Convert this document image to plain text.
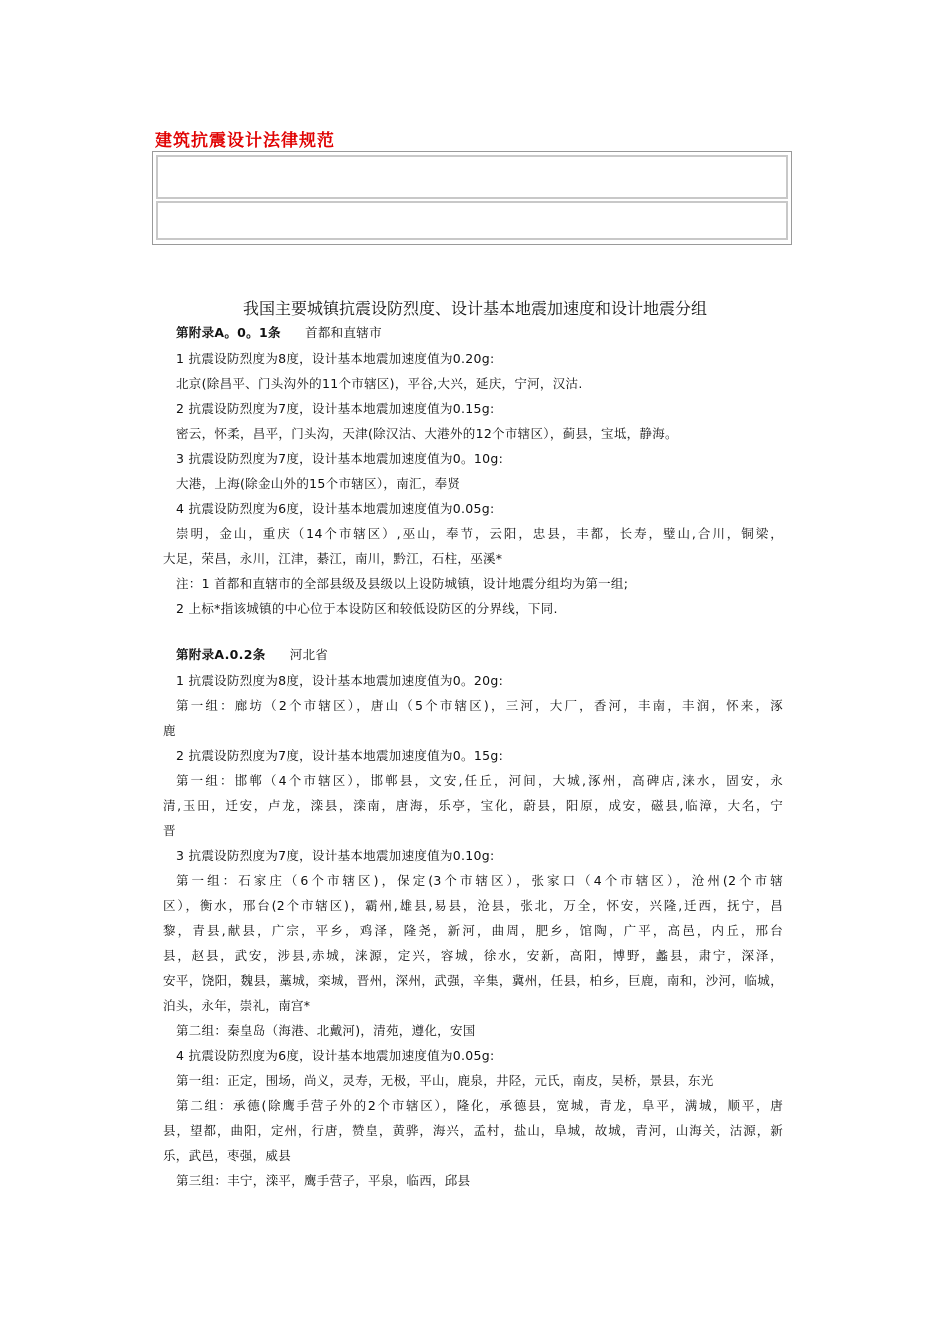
建筑抗震设计法律规范
我国主要城镇抗震设防烈度、设计基本地震加速度和设计地震分组
第附录A。0。1条 首都和直辖市
1 抗震设防烈度为8度，设计基本地震加速度值为0.20g:
北京(除昌平、门头沟外的11个市辖区)，平谷,大兴，延庆，宁河，汉沽.
2 抗震设防烈度为7度，设计基本地震加速度值为0.15g:
密云，怀柔，昌平，门头沟，天津(除汉沽、大港外的12个市辖区），蓟县，宝坻，静海。
3 抗震设防烈度为7度，设计基本地震加速度值为0。10g:
大港，上海(除金山外的15个市辖区），南汇，奉贤
4 抗震设防烈度为6度，设计基本地震加速度值为0.05g:
崇明，金山，重庆（14个市辖区）,巫山，奉节，云阳，忠县，丰都，长寿，璧山,合川，铜梁，
大足，荣昌，永川，江津，綦江，南川，黔江，石柱，巫溪*
注：1 首都和直辖市的全部县级及县级以上设防城镇，设计地震分组均为第一组;
2 上标*指该城镇的中心位于本设防区和较低设防区的分界线，下同.
第附录A.0.2条 河北省
1 抗震设防烈度为8度，设计基本地震加速度值为0。20g:
第一组：廊坊（2个市辖区），唐山（5个市辖区)，三河，大厂，香河，丰南，丰润，怀来，涿
鹿
2 抗震设防烈度为7度，设计基本地震加速度值为0。15g:
第一组：邯郸（4个市辖区），邯郸县，文安,任丘，河间，大城,涿州，高碑店,涞水，固安，永
清,玉田，迁安，卢龙，滦县，滦南，唐海，乐亭，宝化，蔚县，阳原，成安，磁县,临漳，大名，宁
晋
3 抗震设防烈度为7度，设计基本地震加速度值为0.10g:
第一组：石家庄（6个市辖区)，保定(3个市辖区），张家口（4个市辖区），沧州(2个市辖
区），衡水，邢台(2个市辖区)，霸州,雄县,易县，沧县，张北，万全，怀安，兴隆,迁西，抚宁，昌
黎，青县,献县，广宗，平乡，鸡泽，隆尧，新河，曲周，肥乡，馆陶，广平，高邑，内丘，邢台
县，赵县，武安，涉县,赤城，涞源，定兴，容城，徐水，安新，高阳，博野，蠡县，肃宁，深泽，
安平，饶阳，魏县，藁城，栾城，晋州，深州，武强，辛集，冀州，任县，柏乡，巨鹿，南和，沙河，临城，
泊头，永年，崇礼，南宫*
第二组：秦皇岛（海港、北戴河)，清苑，遵化，安国
4 抗震设防烈度为6度，设计基本地震加速度值为0.05g:
第一组：正定，围场，尚义，灵寿，无极，平山，鹿泉，井陉，元氏，南皮，吴桥，景县，东光
第二组：承德(除鹰手营子外的2个市辖区），隆化，承德县，宽城，青龙，阜平，满城，顺平，唐
县，望都，曲阳，定州，行唐，赞皇，黄骅，海兴，孟村，盐山，阜城，故城，青河，山海关，沽源，新
乐，武邑，枣强，威县
第三组：丰宁，滦平，鹰手营子，平泉，临西，邱县
